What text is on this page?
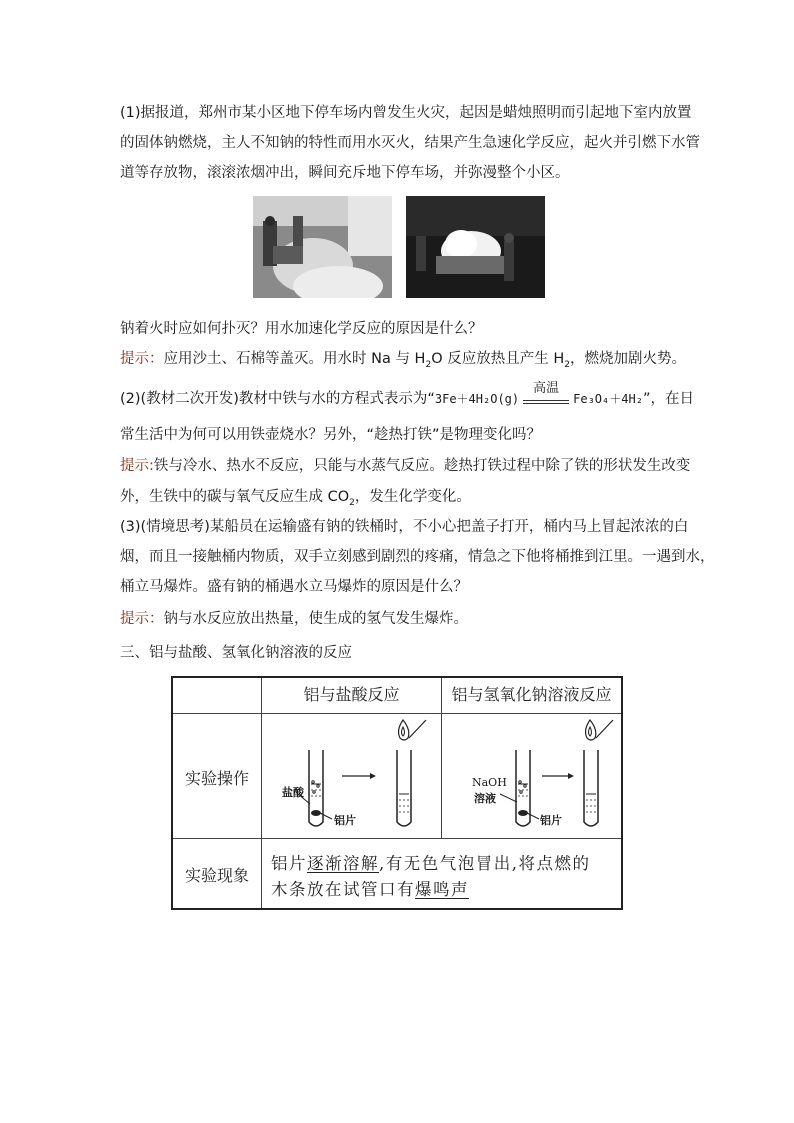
(1)据报道，郑州市某小区地下停车场内曾发生火灾，起因是蜡烛照明而引起地下室内放置
的固体钠燃烧，主人不知钠的特性而用水灭火，结果产生急速化学反应，起火并引燃下水管
道等存放物，滚滚浓烟冲出，瞬间充斥地下停车场，并弥漫整个小区。
钠着火时应如何扑灭？用水加速化学反应的原因是什么？
提示：应用沙土、石棉等盖灭。用水时 Na 与 $H_2O$ 反应放热且产生 $H_2$，燃烧加剧火势。
(2)(教材二次开发)教材中铁与水的方程式表示为“3Fe＋4H₂O(g)
高温
Fe₃O₄＋4H₂”，在日
常生活中为何可以用铁壶烧水？另外，“趁热打铁”是物理变化吗？
提示:铁与冷水、热水不反应，只能与水蒸气反应。趁热打铁过程中除了铁的形状发生改变
外，生铁中的碳与氧气反应生成 $CO_2$，发生化学变化。
(3)(情境思考)某船员在运输盛有钠的铁桶时，不小心把盖子打开，桶内马上冒起浓浓的白
烟，而且一接触桶内物质，双手立刻感到剧烈的疼痛，情急之下他将桶推到江里。一遇到水，
桶立马爆炸。盛有钠的桶遇水立马爆炸的原因是什么？
提示：钠与水反应放出热量，使生成的氢气发生爆炸。
三、铝与盐酸、氢氧化钠溶液的反应
铝与盐酸反应	铝与氢氧化钠溶液反应
实验操作
实验现象
盐酸
铝片
NaOH
溶液
铝片
铝片逐渐溶解,有无色气泡冒出,将点燃的
木条放在试管口有爆鸣声
